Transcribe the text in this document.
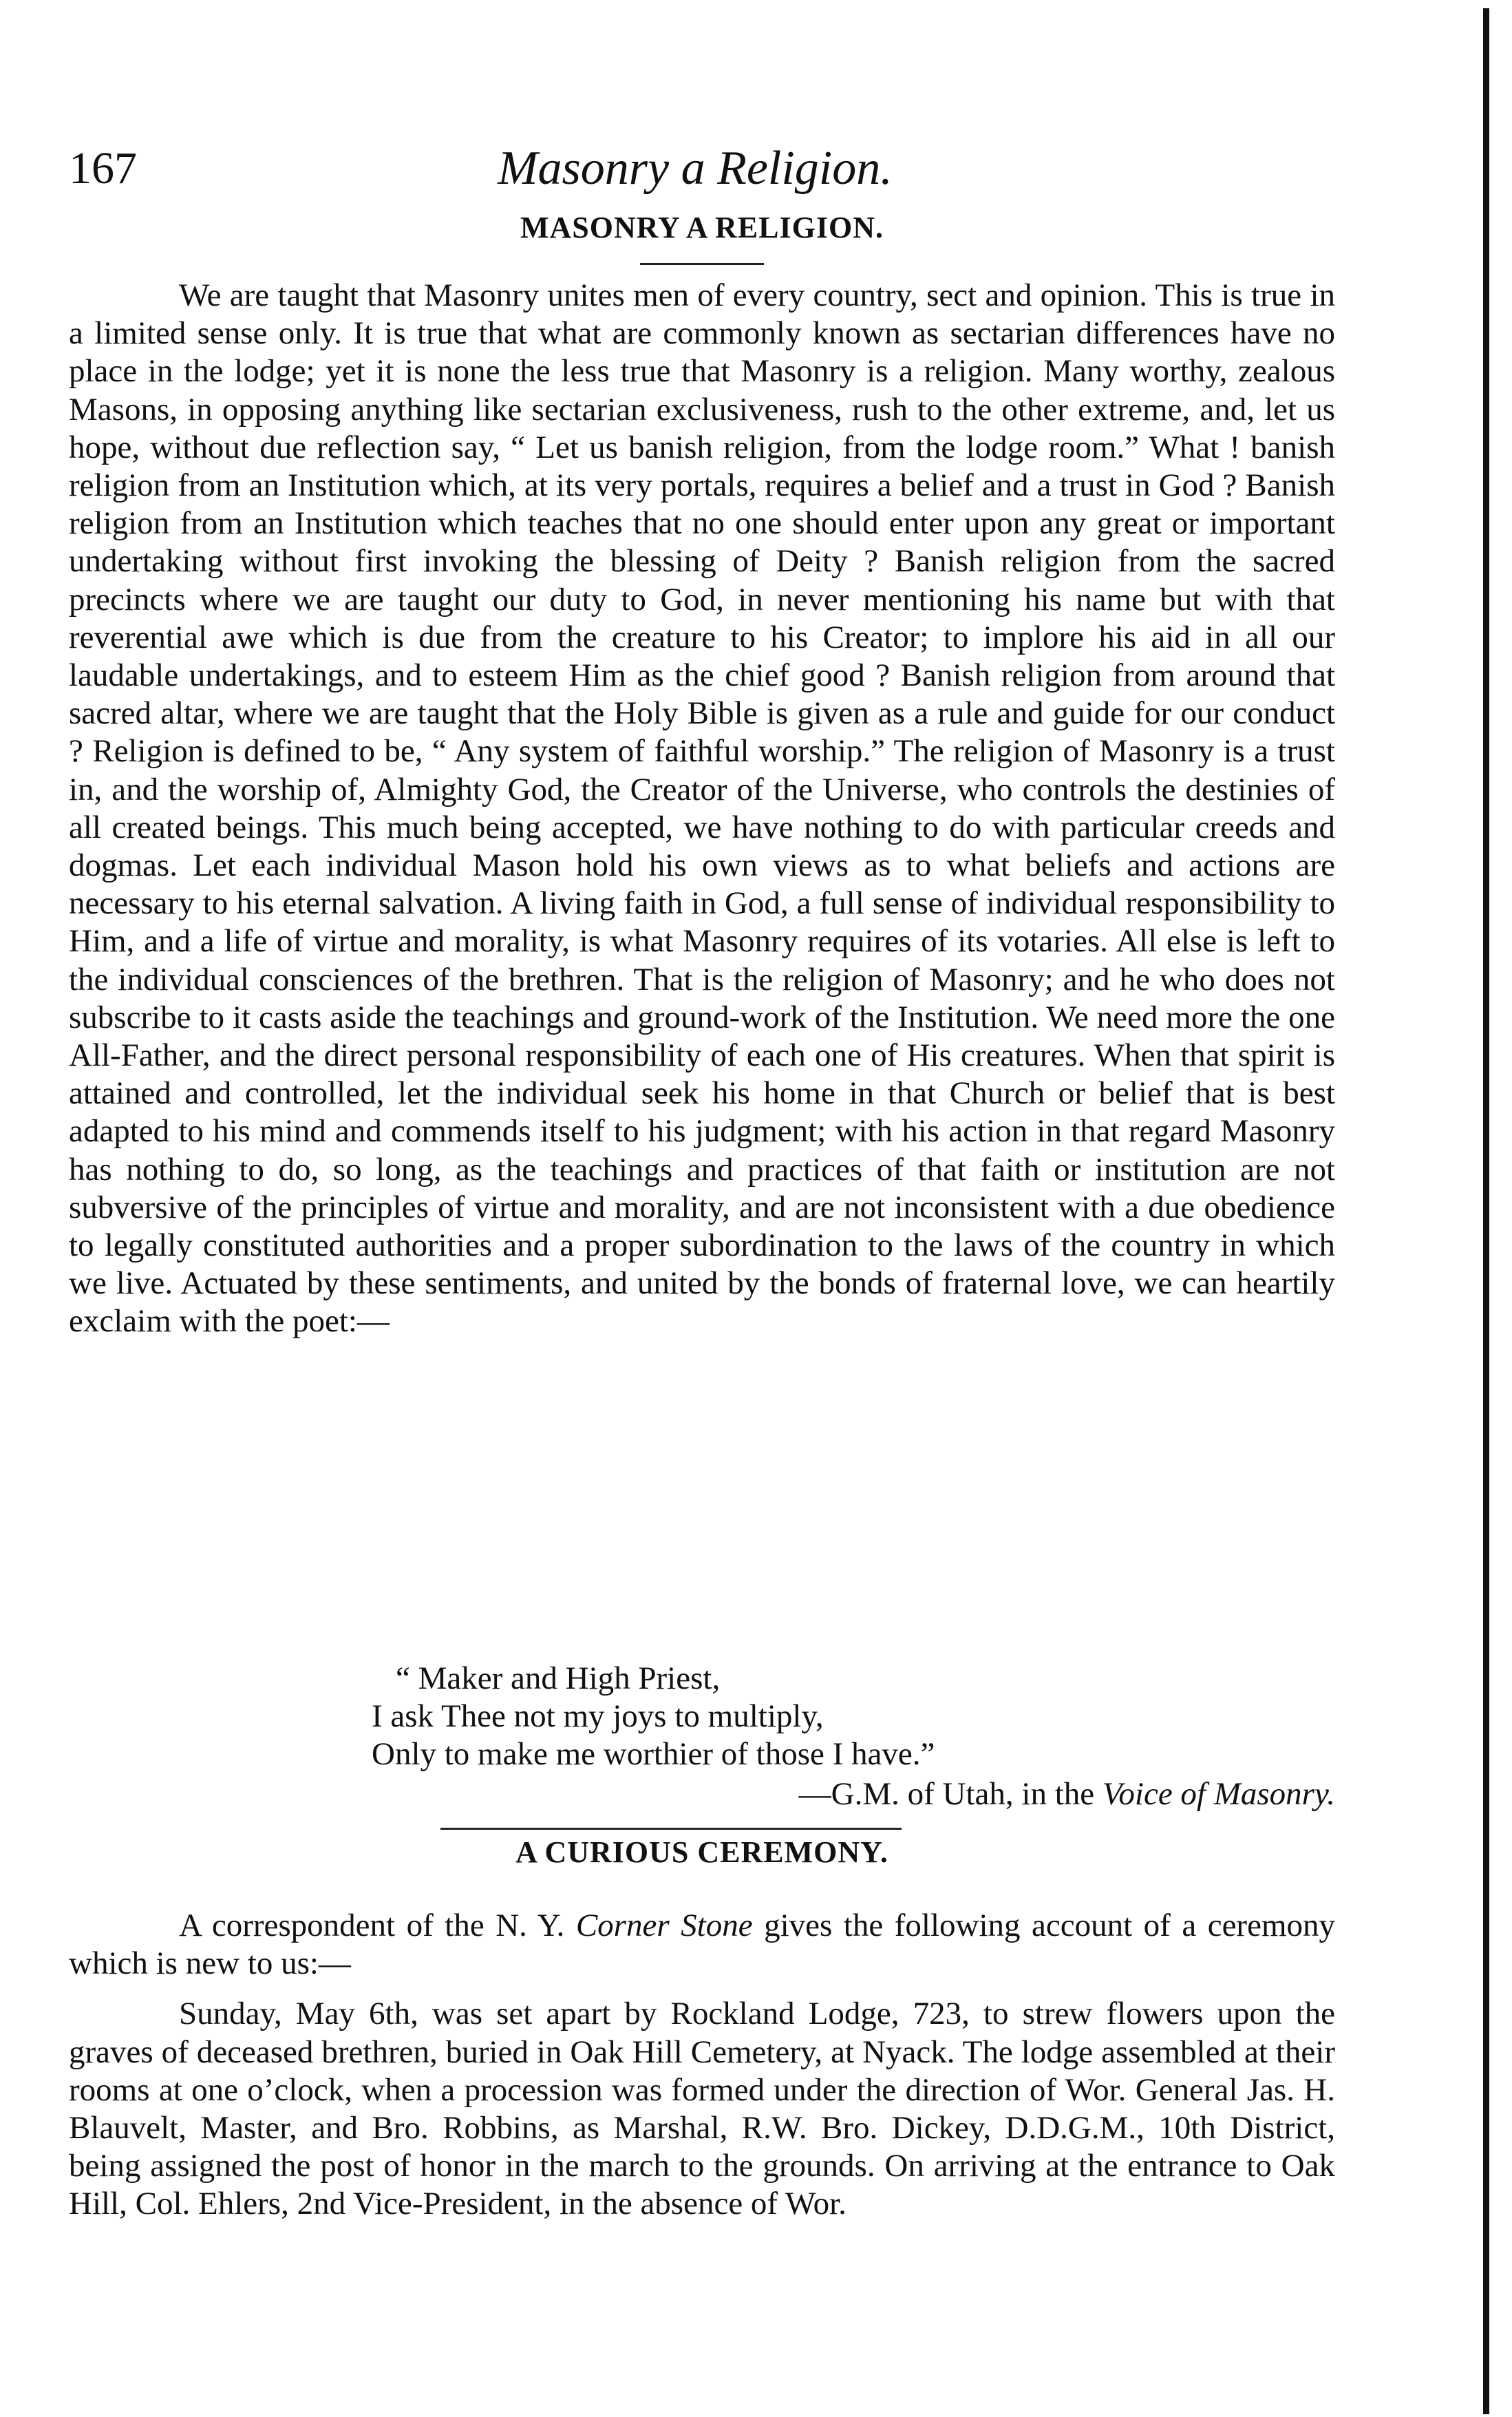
167	Masonry a Religion.
MASONRY A RELIGION.

We are taught that Masonry unites men of every country, sect and opinion. This is true in a limited sense only. It is true that what are commonly known as sectarian differences have no place in the lodge; yet it is none the less true that Masonry is a religion. Many worthy, zealous Masons, in opposing anything like sectarian exclusiveness, rush to the other extreme, and, let us hope, without due reflection say, “ Let us banish religion, from the lodge room.” What ! banish religion from an Institution which, at its very portals, requires a belief and a trust in God ? Banish religion from an Institution which teaches that no one should enter upon any great or important undertaking without first invoking the blessing of Deity ? Banish religion from the sacred precincts where we are taught our duty to God, in never mentioning his name but with that reverential awe which is due from the creature to his Creator; to implore his aid in all our laudable undertakings, and to esteem Him as the chief good ? Banish religion from around that sacred altar, where we are taught that the Holy Bible is given as a rule and guide for our conduct ? Religion is defined to be, “ Any system of faithful worship.” The religion of Masonry is a trust in, and the worship of, Almighty God, the Creator of the Universe, who controls the destinies of all created beings. This much being accepted, we have nothing to do with particular creeds and dogmas. Let each individual Mason hold his own views as to what beliefs and actions are necessary to his eternal salvation. A living faith in God, a full sense of individual responsibility to Him, and a life of virtue and morality, is what Masonry requires of its votaries. All else is left to the individual consciences of the brethren. That is the religion of Masonry; and he who does not subscribe to it casts aside the teachings and ground-work of the Institution. We need more the one All-Father, and the direct personal responsibility of each one of His creatures. When that spirit is attained and controlled, let the individual seek his home in that Church or belief that is best adapted to his mind and commends itself to his judgment; with his action in that regard Masonry has nothing to do, so long, as the teachings and practices of that faith or institution are not subversive of the principles of virtue and morality, and are not inconsistent with a due obedience to legally constituted authorities and a proper subordination to the laws of the country in which we live. Actuated by these sentiments, and united by the bonds of fraternal love, we can heartily exclaim with the poet:—

“ Maker and High Priest,
I ask Thee not my joys to multiply,
Only to make me worthier of those I have.”
—G.M. of Utah, in the Voice of Masonry.
A CURIOUS CEREMONY.

A correspondent of the N. Y. Corner Stone gives the following account of a ceremony which is new to us:—

Sunday, May 6th, was set apart by Rockland Lodge, 723, to strew flowers upon the graves of deceased brethren, buried in Oak Hill Cemetery, at Nyack. The lodge assembled at their rooms at one o’clock, when a procession was formed under the direction of Wor. General Jas. H. Blauvelt, Master, and Bro. Robbins, as Marshal, R.W. Bro. Dickey, D.D.G.M., 10th District, being assigned the post of honor in the march to the grounds. On arriving at the entrance to Oak Hill, Col. Ehlers, 2nd Vice-President, in the absence of Wor.
